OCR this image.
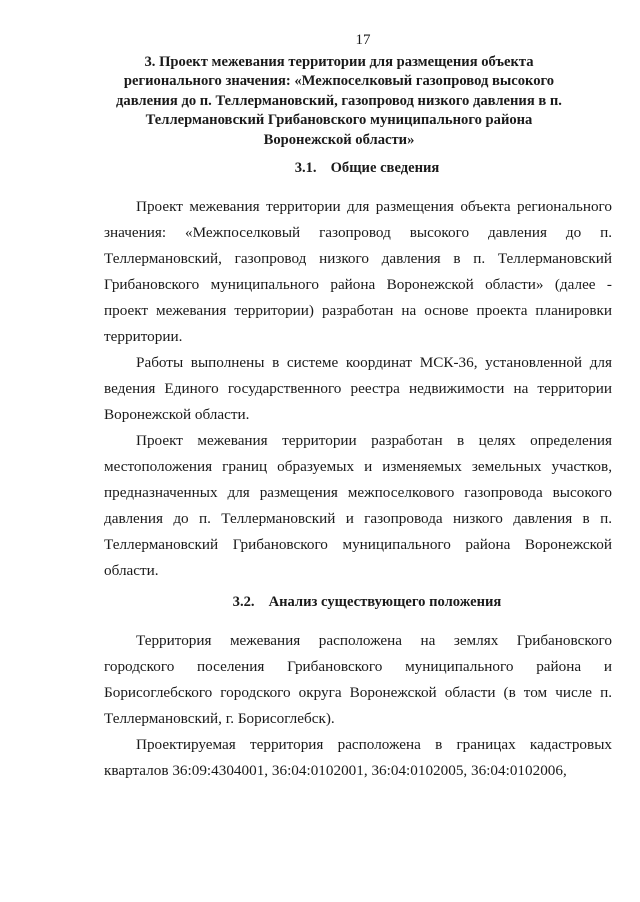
17
3. Проект межевания территории для размещения объекта регионального значения: «Межпоселковый газопровод высокого давления до п. Теллермановский, газопровод низкого давления в п. Теллермановский Грибановского муниципального района Воронежской области»
3.1. Общие сведения

Проект межевания территории для размещения объекта регионального значения: «Межпоселковый газопровод высокого давления до п. Теллермановский, газопровод низкого давления в п. Теллермановский Грибановского муниципального района Воронежской области» (далее - проект межевания территории) разработан на основе проекта планировки территории.

Работы выполнены в системе координат МСК-36, установленной для ведения Единого государственного реестра недвижимости на территории Воронежской области.

Проект межевания территории разработан в целях определения местоположения границ образуемых и изменяемых земельных участков, предназначенных для размещения межпоселкового газопровода высокого давления до п. Теллермановский и газопровода низкого давления в п. Теллермановский Грибановского муниципального района Воронежской области.

3.2. Анализ существующего положения

Территория межевания расположена на землях Грибановского городского поселения Грибановского муниципального района и Борисоглебского городского округа Воронежской области (в том числе п. Теллермановский, г. Борисоглебск).

Проектируемая территория расположена в границах кадастровых кварталов 36:09:4304001, 36:04:0102001, 36:04:0102005, 36:04:0102006,
